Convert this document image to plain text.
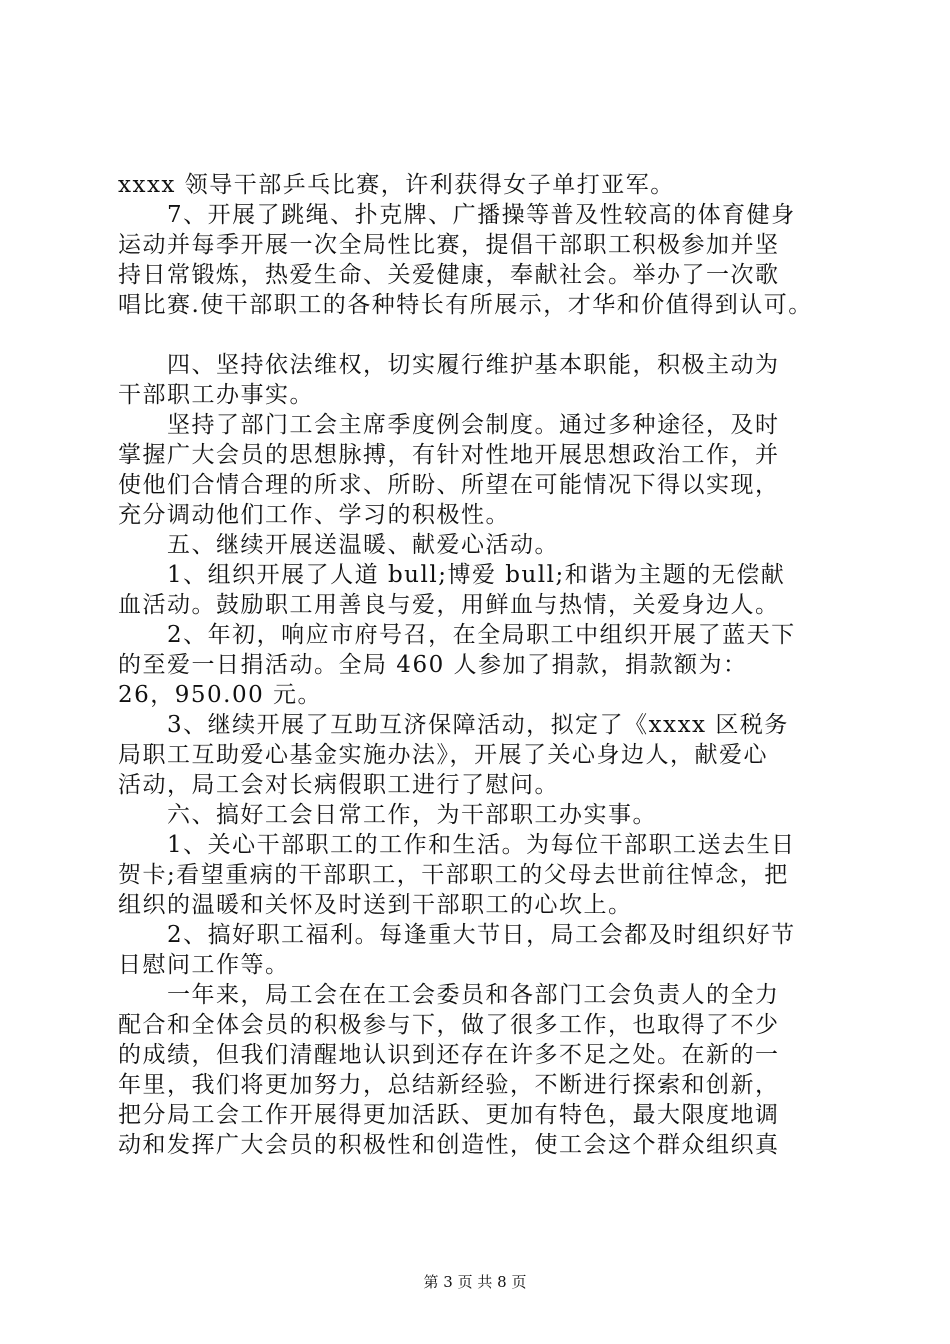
xxxx 领导干部乒乓比赛，许利获得女子单打亚军。

　　7、开展了跳绳、扑克牌、广播操等普及性较高的体育健身

运动并每季开展一次全局性比赛，提倡干部职工积极参加并坚

持日常锻炼，热爱生命、关爱健康，奉献社会。举办了一次歌

唱比赛.使干部职工的各种特长有所展示，才华和价值得到认可。

　　四、坚持依法维权，切实履行维护基本职能，积极主动为

干部职工办事实。

　　坚持了部门工会主席季度例会制度。通过多种途径，及时

掌握广大会员的思想脉搏，有针对性地开展思想政治工作，并

使他们合情合理的所求、所盼、所望在可能情况下得以实现，

充分调动他们工作、学习的积极性。

　　五、继续开展送温暖、献爱心活动。

　　1、组织开展了人道 bull;博爱 bull;和谐为主题的无偿献

血活动。鼓励职工用善良与爱，用鲜血与热情，关爱身边人。

　　2、年初，响应市府号召，在全局职工中组织开展了蓝天下

的至爱一日捐活动。全局 460 人参加了捐款，捐款额为：

26，950.00 元。

　　3、继续开展了互助互济保障活动，拟定了《xxxx 区税务

局职工互助爱心基金实施办法》，开展了关心身边人，献爱心

活动，局工会对长病假职工进行了慰问。

　　六、搞好工会日常工作，为干部职工办实事。

　　1、关心干部职工的工作和生活。为每位干部职工送去生日

贺卡;看望重病的干部职工，干部职工的父母去世前往悼念，把

组织的温暖和关怀及时送到干部职工的心坎上。

　　2、搞好职工福利。每逢重大节日，局工会都及时组织好节

日慰问工作等。

　　一年来，局工会在在工会委员和各部门工会负责人的全力

配合和全体会员的积极参与下，做了很多工作，也取得了不少

的成绩，但我们清醒地认识到还存在许多不足之处。在新的一

年里，我们将更加努力，总结新经验，不断进行探索和创新，

把分局工会工作开展得更加活跃、更加有特色，最大限度地调

动和发挥广大会员的积极性和创造性，使工会这个群众组织真

第 3 页 共 8 页
